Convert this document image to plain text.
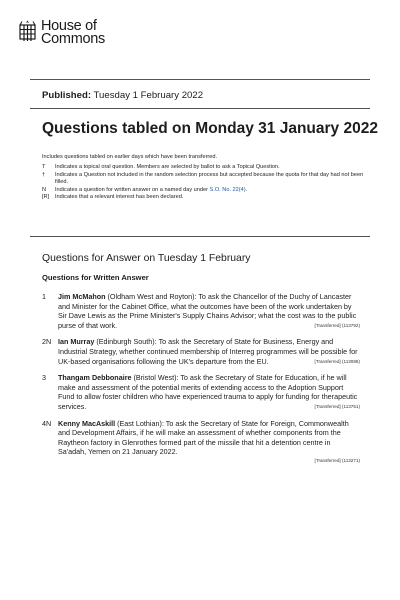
House of
Commons
Published: Tuesday 1 February 2022
Questions tabled on Monday 31 January 2022
Includes questions tabled on earlier days which have been transferred.
T	Indicates a topical oral question. Members are selected by ballot to ask a Topical Question.
†	Indicates a Question not included in the random selection process but accepted because the quota for that day had not been filled.
N	Indicates a question for written answer on a named day under S.O. No. 22(4).
[R]	Indicates that a relevant interest has been declared.
Questions for Answer on Tuesday 1 February
Questions for Written Answer
1	Jim McMahon (Oldham West and Royton): To ask the Chancellor of the Duchy of Lancaster and Minister for the Cabinet Office, what the outcomes have been of the work undertaken by Sir Dave Lewis as the Prime Minister's Supply Chains Advisor; what the cost was to the public purse of that work.	[Transferred] (113792)
2N Ian Murray (Edinburgh South): To ask the Secretary of State for Business, Energy and Industrial Strategy, whether continued membership of Interreg programmes will be possible for UK-based organisations following the UK's departure from the EU.	[Transferred] (113088)
3	Thangam Debbonaire (Bristol West): To ask the Secretary of State for Education, if he will make and assessment of the potential merits of extending access to the Adoption Support Fund to allow foster children who have experienced trauma to apply for funding for therapeutic services.	[Transferred] (113751)
4N Kenny MacAskill (East Lothian): To ask the Secretary of State for Foreign, Commonwealth and Development Affairs, if he will make an assessment of whether components from the Raytheon factory in Glenrothes formed part of the missile that hit a detention centre in Sa'adah, Yemen on 21 January 2022.
[Transferred] (113271)
